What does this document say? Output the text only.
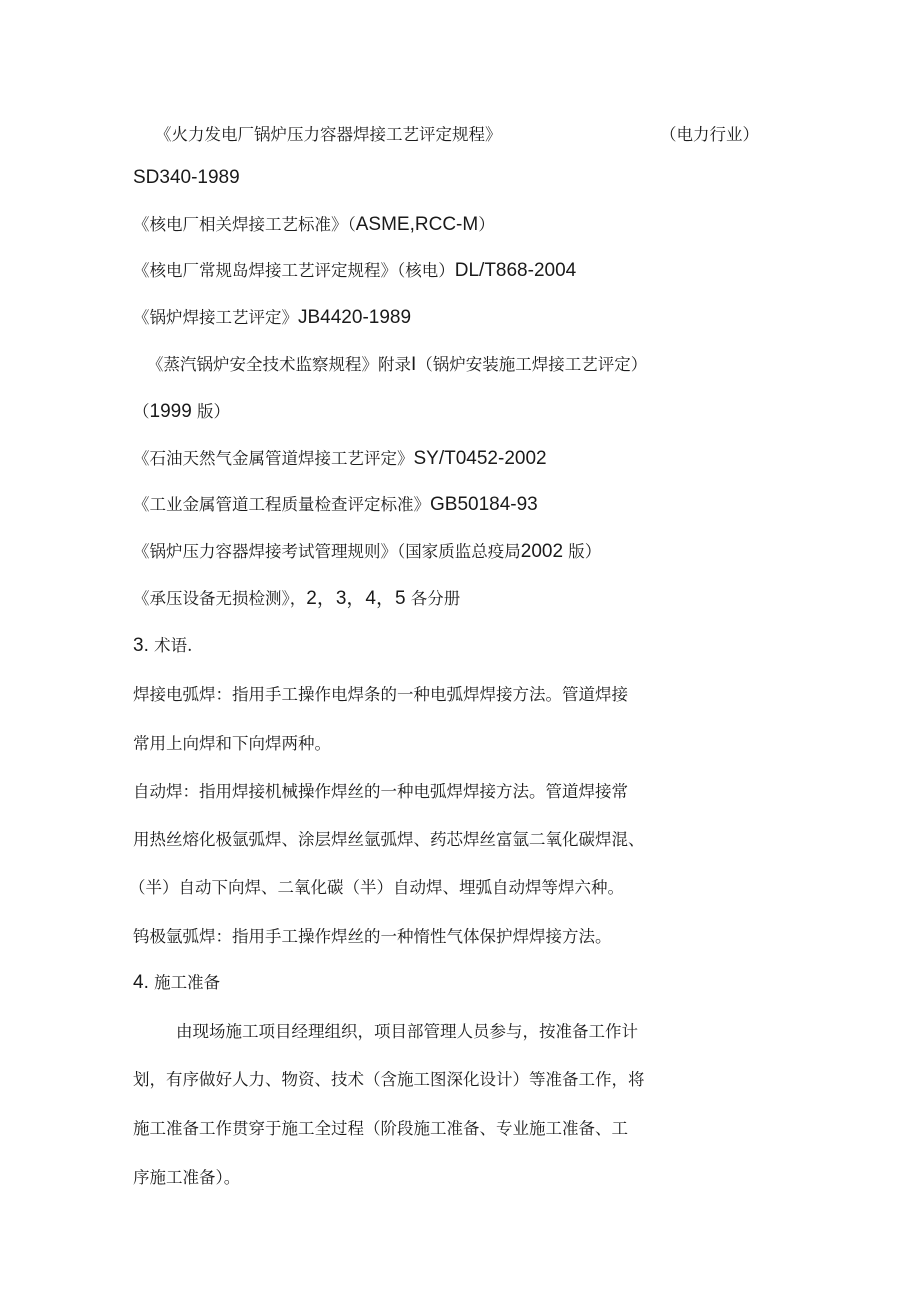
《火力发电厂锅炉压力容器焊接工艺评定规程》	（电力行业）
SD340-1989
《核电厂相关焊接工艺标准》（ASME,RCC-M）
《核电厂常规岛焊接工艺评定规程》（核电）DL/T868-2004
《锅炉焊接工艺评定》JB4420-1989
《蒸汽锅炉安全技术监察规程》附录I（锅炉安装施工焊接工艺评定）
（1999 版）
《石油天然气金属管道焊接工艺评定》SY/T0452-2002
《工业金属管道工程质量检查评定标准》GB50184-93
《锅炉压力容器焊接考试管理规则》（国家质监总疫局2002 版）
《承压设备无损检测》，2，3，4，5 各分册
3. 术语.
焊接电弧焊：指用手工操作电焊条的一种电弧焊焊接方法。管道焊接
常用上向焊和下向焊两种。
自动焊：指用焊接机械操作焊丝的一种电弧焊焊接方法。管道焊接常
用热丝熔化极氩弧焊、涂层焊丝氩弧焊、药芯焊丝富氩二氧化碳焊混、
（半）自动下向焊、二氧化碳（半）自动焊、埋弧自动焊等焊六种。
钨极氩弧焊：指用手工操作焊丝的一种惰性气体保护焊焊接方法。
4. 施工准备
由现场施工项目经理组织，项目部管理人员参与，按准备工作计
划，有序做好人力、物资、技术（含施工图深化设计）等准备工作，将
施工准备工作贯穿于施工全过程（阶段施工准备、专业施工准备、工
序施工准备）。
